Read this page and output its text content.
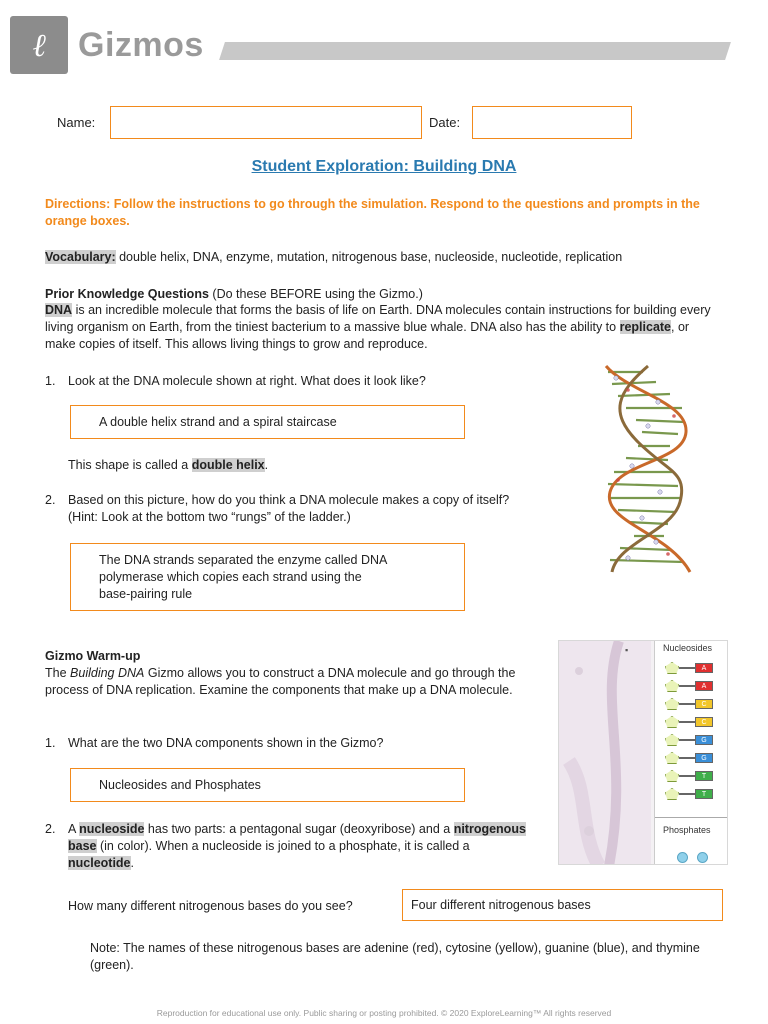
ℓ Gizmos
Name:	Date:
Student Exploration: Building DNA
Directions: Follow the instructions to go through the simulation. Respond to the questions and prompts in the orange boxes.
Vocabulary: double helix, DNA, enzyme, mutation, nitrogenous base, nucleoside, nucleotide, replication
Prior Knowledge Questions (Do these BEFORE using the Gizmo.)
DNA is an incredible molecule that forms the basis of life on Earth. DNA molecules contain instructions for building every living organism on Earth, from the tiniest bacterium to a massive blue whale. DNA also has the ability to replicate, or make copies of itself. This allows living things to grow and reproduce.
1. Look at the DNA molecule shown at right. What does it look like?
A double helix strand and a spiral staircase
This shape is called a double helix.
2. Based on this picture, how do you think a DNA molecule makes a copy of itself?
(Hint: Look at the bottom two “rungs” of the ladder.)
The DNA strands separated the enzyme called DNA
polymerase which copies each strand using the
base-pairing rule
Gizmo Warm-up
The Building DNA Gizmo allows you to construct a DNA molecule and go through the process of DNA replication. Examine the components that make up a DNA molecule.
1. What are the two DNA components shown in the Gizmo?
Nucleosides and Phosphates
2. A nucleoside has two parts: a pentagonal sugar (deoxyribose) and a nitrogenous base (in color). When a nucleoside is joined to a phosphate, it is called a nucleotide.
How many different nitrogenous bases do you see?	Four different nitrogenous bases
Note: The names of these nitrogenous bases are adenine (red), cytosine (yellow), guanine (blue), and thymine (green).
▪	Nucleosides
A
A
C
C
G
G
T
T
Phosphates
Reproduction for educational use only. Public sharing or posting prohibited. © 2020 ExploreLearning™ All rights reserved
